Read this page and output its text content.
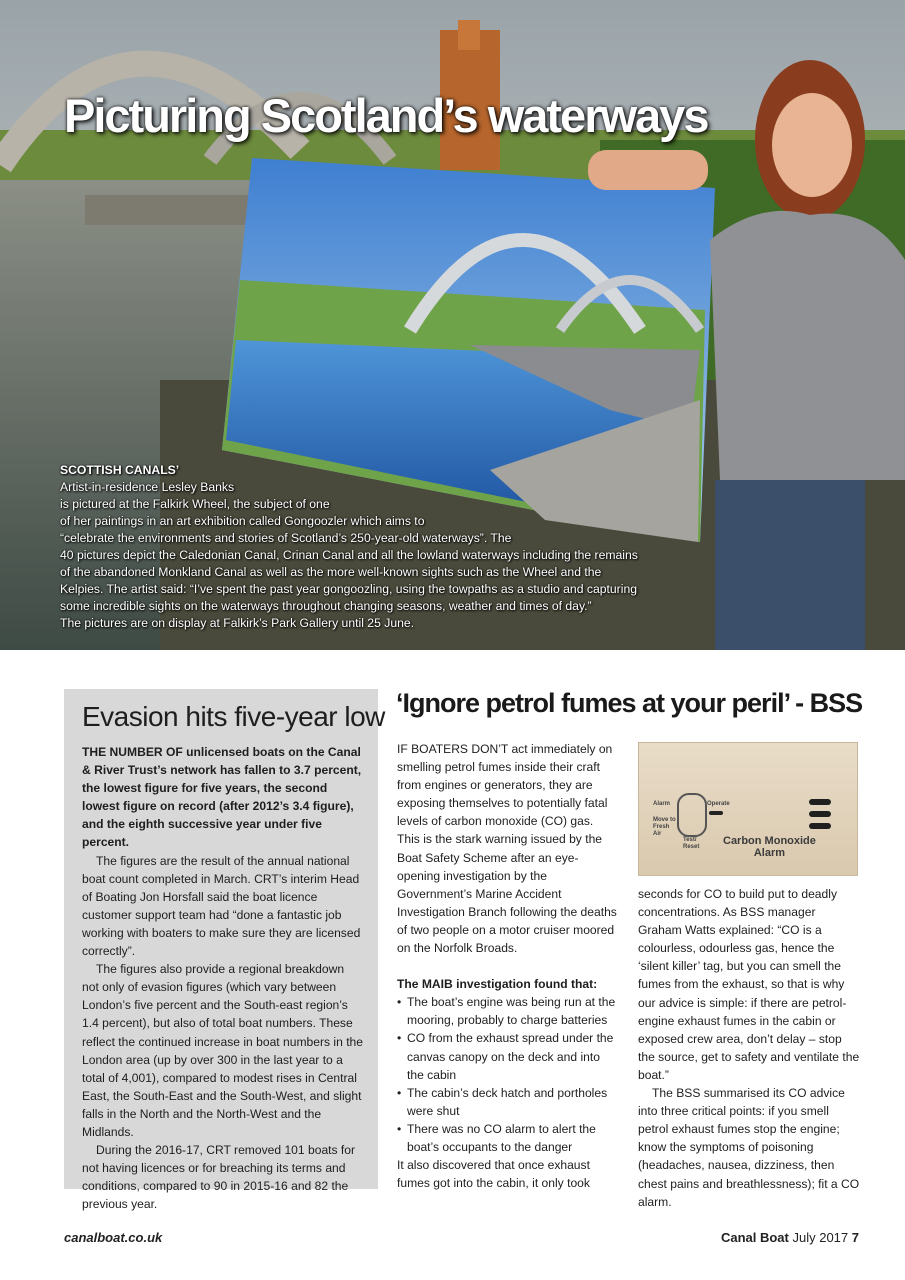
Picturing Scotland’s waterways

SCOTTISH CANALS’

Artist-in-residence Lesley Banks

is pictured at the Falkirk Wheel, the subject of one

of her paintings in an art exhibition called Gongoozler which aims to

“celebrate the environments and stories of Scotland’s 250-year-old waterways”. The

40 pictures depict the Caledonian Canal, Crinan Canal and all the lowland waterways including the remains

of the abandoned Monkland Canal as well as the more well-known sights such as the Wheel and the

Kelpies. The artist said: “I’ve spent the past year gongoozling, using the towpaths as a studio and capturing

some incredible sights on the waterways throughout changing seasons, weather and times of day.”

The pictures are on display at Falkirk’s Park Gallery until 25 June.

Evasion hits five-year low

THE NUMBER OF unlicensed boats on the Canal & River Trust’s network has fallen to 3.7 percent, the lowest figure for five years, the second lowest figure on record (after 2012’s 3.4 figure), and the eighth successive year under five percent.

The figures are the result of the annual national boat count completed in March. CRT’s interim Head of Boating Jon Horsfall said the boat licence customer support team had “done a fantastic job working with boaters to make sure they are licensed correctly”.

The figures also provide a regional breakdown not only of evasion figures (which vary between London’s five percent and the South-east region’s 1.4 percent), but also of total boat numbers. These reflect the continued increase in boat numbers in the London area (up by over 300 in the last year to a total of 4,001), compared to modest rises in Central East, the South-East and the South-West, and slight falls in the North and the North-West and the Midlands.

During the 2016-17, CRT removed 101 boats for not having licences or for breaching its terms and conditions, compared to 90 in 2015-16 and 82 the previous year.

‘Ignore petrol fumes at your peril’ - BSS

IF BOATERS DON’T act immediately on smelling petrol fumes inside their craft from engines or generators, they are exposing themselves to potentially fatal levels of carbon monoxide (CO) gas. This is the stark warning issued by the Boat Safety Scheme after an eye-opening investigation by the Government’s Marine Accident Investigation Branch following the deaths of two people on a motor cruiser moored on the Norfolk Broads.

The MAIB investigation found that:
• The boat’s engine was being run at the mooring, probably to charge batteries
• CO from the exhaust spread under the canvas canopy on the deck and into the cabin
• The cabin’s deck hatch and portholes were shut
• There was no CO alarm to alert the boat’s occupants to the danger

It also discovered that once exhaust fumes got into the cabin, it only took

Alarm
Move to Fresh Air
Operate
Test/ Reset	Carbon Monoxide
Alarm

seconds for CO to build put to deadly concentrations. As BSS manager Graham Watts explained: “CO is a colourless, odourless gas, hence the ‘silent killer’ tag, but you can smell the fumes from the exhaust, so that is why our advice is simple: if there are petrol-engine exhaust fumes in the cabin or exposed crew area, don’t delay – stop the source, get to safety and ventilate the boat.”

The BSS summarised its CO advice into three critical points: if you smell petrol exhaust fumes stop the engine; know the symptoms of poisoning (headaches, nausea, dizziness, then chest pains and breathlessness); fit a CO alarm.

canalboat.co.uk	Canal Boat July 2017 7
